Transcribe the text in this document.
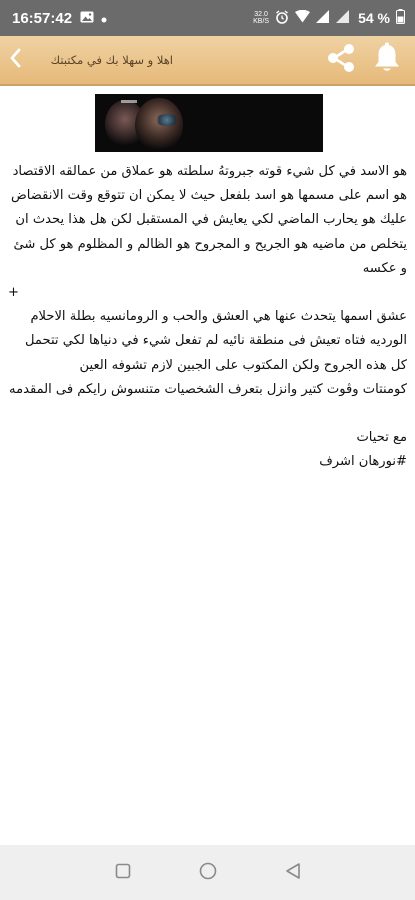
16:57:42	32.0
KB/S	54 %
اهلا و سهلا بك في مكتبتك

هو الاسد في كل شيء قوته جبروتهُ سلطته هو عملاق من عمالقه الاقتصاد هو اسم على مسمها هو اسد بلفعل حيث لا يمكن ان تتوقع وقت الانقضاض عليك هو يحارب الماضي لكي يعايش في المستقبل لكن هل هذا يحدث ان يتخلص من ماضيه هو الجريح و المجروح هو الظالم و المظلوم هو كل شئ و عكسه

+

عشق اسمها يتحدث عنها هي العشق والحب و الرومانسيه بطلة الاحلام الورديه فتاه تعيش فى منطقة نائيه لم تفعل شيء في دنياها لكي تتحمل كل هذه الجروح ولكن المكتوب على الجبين لازم تشوفه العين

كومنتات وڤوت كتير وانزل بتعرف الشخصيات متنسوش رايكم فى المقدمه

مع تحيات

#نورهان اشرف
